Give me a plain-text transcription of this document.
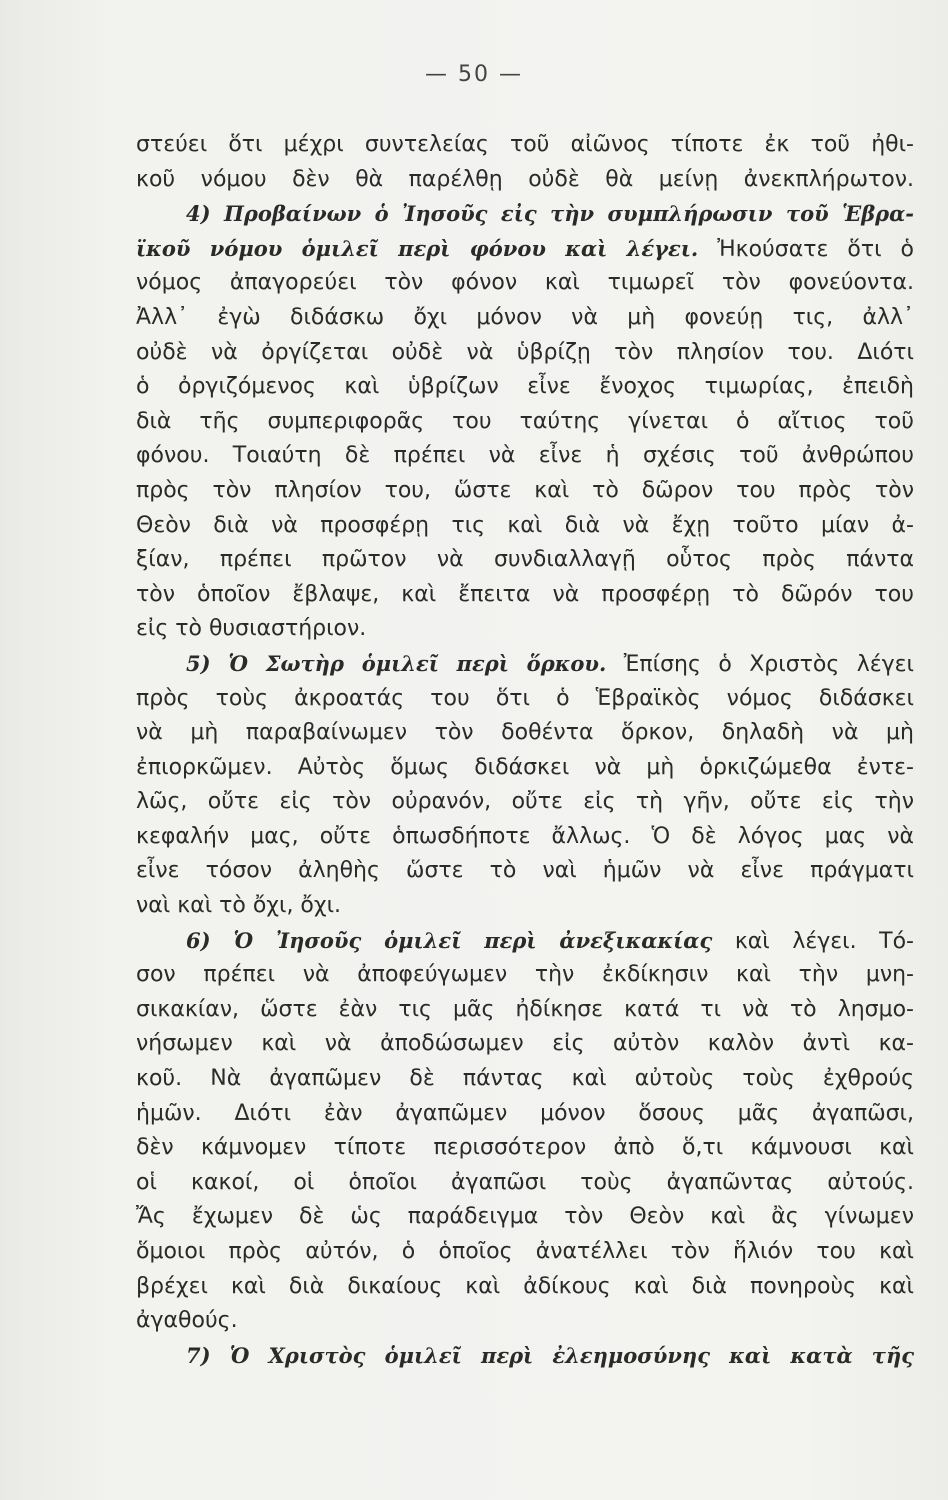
— 50 —
στεύει ὅτι μέχρι συντελείας τοῦ αἰῶνος τίποτε ἐκ τοῦ ἠθι-
κοῦ νόμου δὲν θὰ παρέλθῃ οὐδὲ θὰ μείνῃ ἀνεκπλήρωτον.
4) Προβαίνων ὁ Ἰησοῦς εἰς τὴν συμπλήρωσιν τοῦ Ἑβρα-
ϊκοῦ νόμου ὁμιλεῖ περὶ φόνου καὶ λέγει. Ἠκούσατε ὅτι ὁ
νόμος ἀπαγορεύει τὸν φόνον καὶ τιμωρεῖ τὸν φονεύοντα.
Ἀλλ᾽ ἐγὼ διδάσκω ὄχι μόνον νὰ μὴ φονεύῃ τις, ἀλλ᾽
οὐδὲ νὰ ὀργίζεται οὐδὲ νὰ ὑβρίζῃ τὸν πλησίον του. Διότι
ὁ ὀργιζόμενος καὶ ὑβρίζων εἶνε ἔνοχος τιμωρίας, ἐπειδὴ
διὰ τῆς συμπεριφορᾶς του ταύτης γίνεται ὁ αἴτιος τοῦ
φόνου. Τοιαύτη δὲ πρέπει νὰ εἶνε ἡ σχέσις τοῦ ἀνθρώπου
πρὸς τὸν πλησίον του, ὥστε καὶ τὸ δῶρον του πρὸς τὸν
Θεὸν διὰ νὰ προσφέρῃ τις καὶ διὰ νὰ ἔχῃ τοῦτο μίαν ἀ-
ξίαν, πρέπει πρῶτον νὰ συνδιαλλαγῇ οὗτος πρὸς πάντα
τὸν ὁποῖον ἔβλαψε, καὶ ἔπειτα νὰ προσφέρῃ τὸ δῶρόν του
εἰς τὸ θυσιαστήριον.
5) Ὁ Σωτὴρ ὁμιλεῖ περὶ ὅρκου. Ἐπίσης ὁ Χριστὸς λέγει
πρὸς τοὺς ἀκροατάς του ὅτι ὁ Ἑβραϊκὸς νόμος διδάσκει
νὰ μὴ παραβαίνωμεν τὸν δοθέντα ὅρκον, δηλαδὴ νὰ μὴ
ἐπιορκῶμεν. Αὐτὸς ὅμως διδάσκει νὰ μὴ ὁρκιζώμεθα ἐντε-
λῶς, οὔτε εἰς τὸν οὐρανόν, οὔτε εἰς τὴ γῆν, οὔτε εἰς τὴν
κεφαλήν μας, οὔτε ὁπωσδήποτε ἄλλως. Ὁ δὲ λόγος μας νὰ
εἶνε τόσον ἀληθὴς ὥστε τὸ ναὶ ἡμῶν νὰ εἶνε πράγματι
ναὶ καὶ τὸ ὄχι, ὄχι.
6) Ὁ Ἰησοῦς ὁμιλεῖ περὶ ἀνεξικακίας καὶ λέγει. Τό-
σον πρέπει νὰ ἀποφεύγωμεν τὴν ἐκδίκησιν καὶ τὴν μνη-
σικακίαν, ὥστε ἐὰν τις μᾶς ἠδίκησε κατά τι νὰ τὸ λησμο-
νήσωμεν καὶ νὰ ἀποδώσωμεν εἰς αὐτὸν καλὸν ἀντὶ κα-
κοῦ. Νὰ ἀγαπῶμεν δὲ πάντας καὶ αὐτοὺς τοὺς ἐχθρούς
ἡμῶν. Διότι ἐὰν ἀγαπῶμεν μόνον ὅσους μᾶς ἀγαπῶσι,
δὲν κάμνομεν τίποτε περισσότερον ἀπὸ ὅ,τι κάμνουσι καὶ
οἱ κακοί, οἱ ὁποῖοι ἀγαπῶσι τοὺς ἀγαπῶντας αὐτούς.
Ἄς ἔχωμεν δὲ ὡς παράδειγμα τὸν Θεὸν καὶ ἂς γίνωμεν
ὅμοιοι πρὸς αὐτόν, ὁ ὁποῖος ἀνατέλλει τὸν ἥλιόν του καὶ
βρέχει καὶ διὰ δικαίους καὶ ἀδίκους καὶ διὰ πονηροὺς καὶ
ἀγαθούς.
7) Ὁ Χριστὸς ὁμιλεῖ περὶ ἐλεημοσύνης καὶ κατὰ τῆς
